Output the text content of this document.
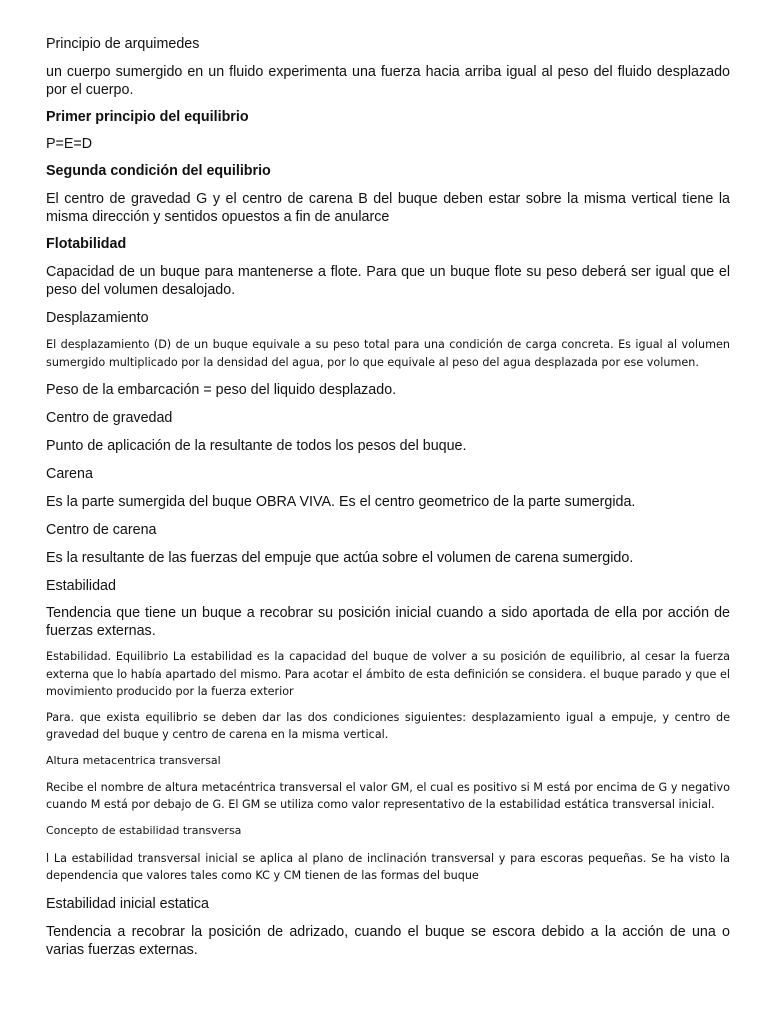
Principio de arquimedes

un cuerpo sumergido en un fluido experimenta una fuerza hacia arriba igual al peso del fluido desplazado por el cuerpo.

Primer principio del equilibrio

P=E=D

Segunda condición del equilibrio

El centro de gravedad G y el centro de carena B del buque deben estar sobre la misma vertical tiene la misma dirección y sentidos opuestos a fin de anularce

Flotabilidad

Capacidad de un buque para mantenerse a flote. Para que un buque flote su peso deberá ser igual que el peso del volumen desalojado.

Desplazamiento

El desplazamiento (D) de un buque equivale a su peso total para una condición de carga concreta. Es igual al volumen sumergido multiplicado por la densidad del agua, por lo que equivale al peso del agua desplazada por ese volumen.

Peso de la embarcación = peso del liquido desplazado.

Centro de gravedad

Punto de aplicación de la resultante de todos los pesos del buque.

Carena

Es la parte sumergida del buque OBRA VIVA. Es el centro geometrico de la parte sumergida.

Centro de carena

Es la resultante de las fuerzas del empuje que actúa sobre el volumen de carena sumergido.

Estabilidad

Tendencia que tiene un buque a recobrar su posición inicial cuando a sido aportada de ella por acción de fuerzas externas.

Estabilidad. Equilibrio La estabilidad es la capacidad del buque de volver a su posición de equilibrio, al cesar la fuerza externa que lo había apartado del mismo. Para acotar el ámbito de esta definición se considera. el buque parado y que el movimiento producido por la fuerza exterior

Para. que exista equilibrio se deben dar las dos condiciones siguientes: desplazamiento igual a empuje, y centro de gravedad del buque y centro de carena en la misma vertical.

Altura metacentrica transversal

Recibe el nombre de altura metacéntrica transversal el valor GM, el cual es positivo si M está por encima de G y negativo cuando M está por debajo de G. El GM se utiliza como valor representativo de la estabilidad estática transversal inicial.

Concepto de estabilidad transversa

l La estabilidad transversal inicial se aplica al plano de inclinación transversal y para escoras pequeñas. Se ha visto la dependencia que valores tales como KC y CM tienen de las formas del buque

Estabilidad inicial estatica

Tendencia a recobrar la posición de adrizado, cuando el buque se escora debido a la acción de una o varias fuerzas externas.
